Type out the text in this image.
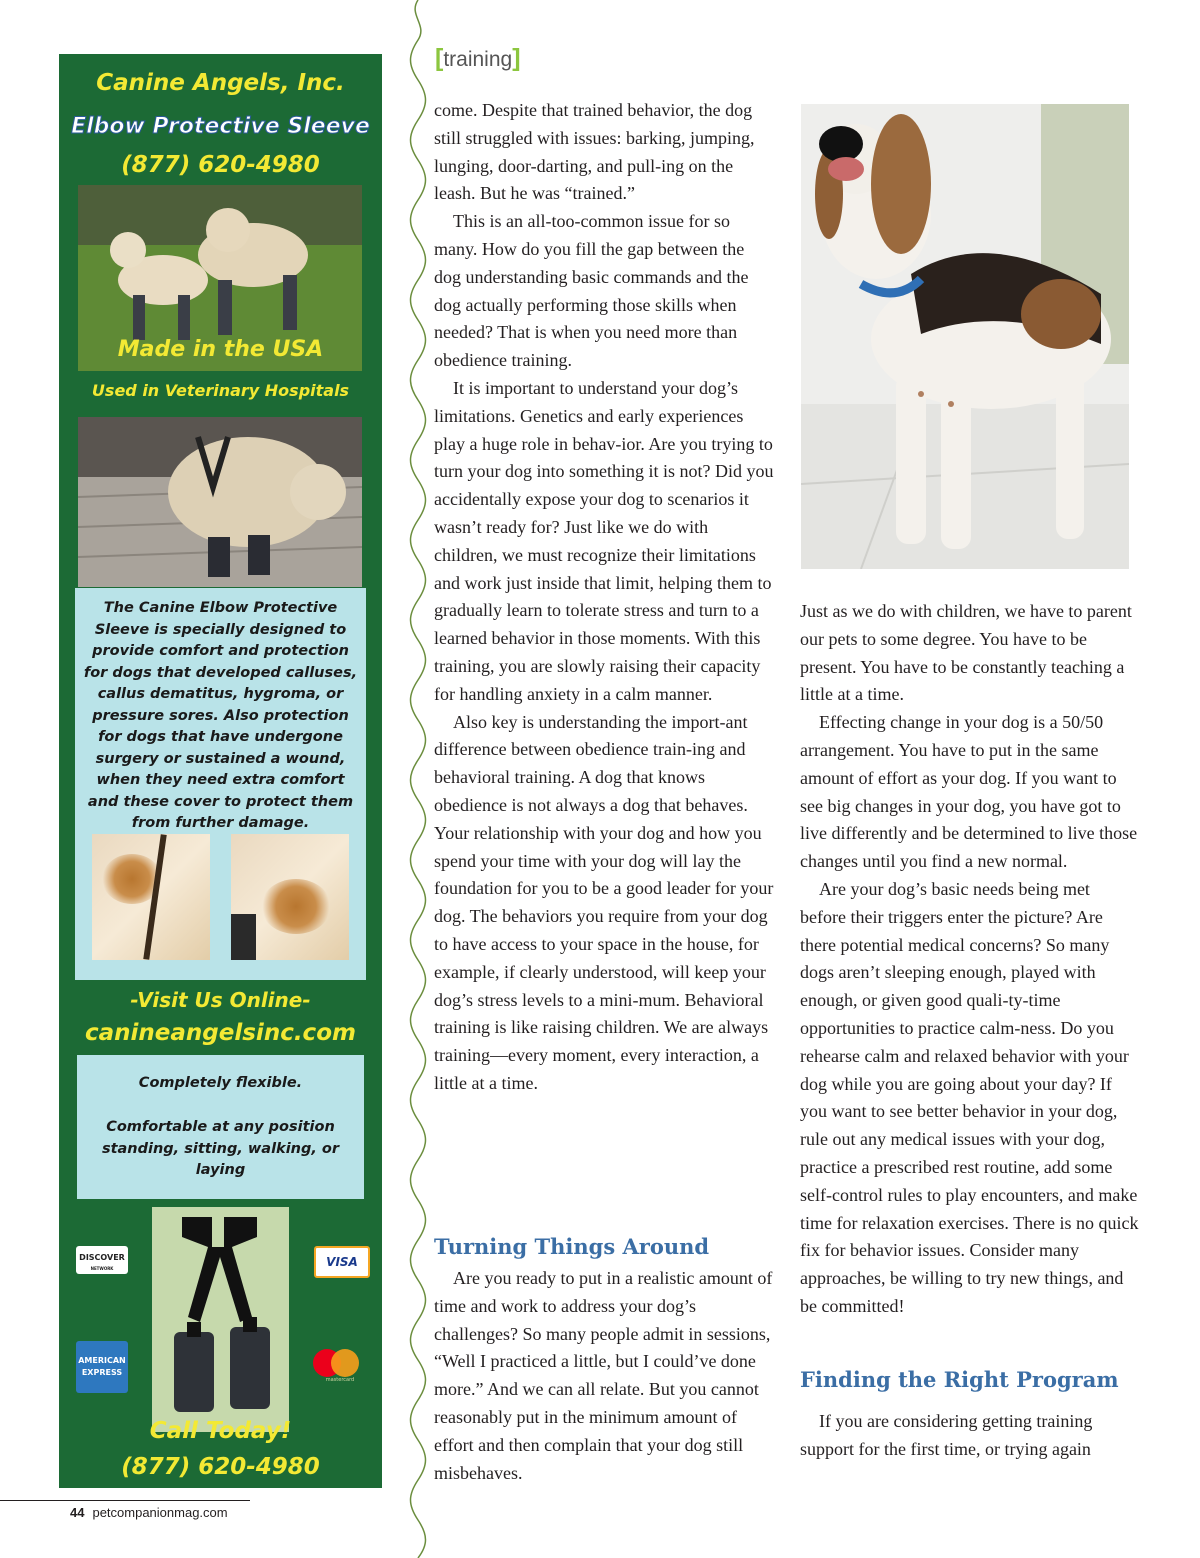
Canine Angels, Inc.
Elbow Protective Sleeve
(877) 620-4980
Made in the USA
Used in Veterinary Hospitals

The Canine Elbow Protective Sleeve is specially designed to provide comfort and protection for dogs that developed calluses, callus dematitus, hygroma, or pressure sores. Also protection for dogs that have undergone surgery or sustained a wound, when they need extra comfort and these cover to protect them from further damage.

-Visit Us Online-
canineangelsinc.com
Completely flexible.
Comfortable at any position standing, sitting, walking, or laying
DISCOVER
NETWORK	VISA
AMERICAN EXPRESS
mastercard
Call Today!
(877) 620-4980
44 petcompanionmag.com
[training]

come. Despite that trained behavior, the dog still struggled with issues: barking, jumping, lunging, door-darting, and pull-ing on the leash. But he was “trained.”

This is an all-too-common issue for so many. How do you fill the gap between the dog understanding basic commands and the dog actually performing those skills when needed? That is when you need more than obedience training.

It is important to understand your dog’s limitations. Genetics and early experiences play a huge role in behav-ior. Are you trying to turn your dog into something it is not? Did you accidentally expose your dog to scenarios it wasn’t ready for? Just like we do with children, we must recognize their limitations and work just inside that limit, helping them to gradually learn to tolerate stress and turn to a learned behavior in those moments. With this training, you are slowly raising their capacity for handling anxiety in a calm manner.

Also key is understanding the import-ant difference between obedience train-ing and behavioral training. A dog that knows obedience is not always a dog that behaves. Your relationship with your dog and how you spend your time with your dog will lay the foundation for you to be a good leader for your dog. The behaviors you require from your dog to have access to your space in the house, for example, if clearly understood, will keep your dog’s stress levels to a mini-mum. Behavioral training is like raising children. We are always training—every moment, every interaction, a little at a time.

Turning Things Around

Are you ready to put in a realistic amount of time and work to address your dog’s challenges? So many people admit in sessions, “Well I practiced a little, but I could’ve done more.” And we can all relate. But you cannot reasonably put in the minimum amount of effort and then complain that your dog still misbehaves.

Just as we do with children, we have to parent our pets to some degree. You have to be present. You have to be constantly teaching a little at a time.

Effecting change in your dog is a 50/50 arrangement. You have to put in the same amount of effort as your dog. If you want to see big changes in your dog, you have got to live differently and be determined to live those changes until you find a new normal.

Are your dog’s basic needs being met before their triggers enter the picture? Are there potential medical concerns? So many dogs aren’t sleeping enough, played with enough, or given good quali-ty-time opportunities to practice calm-ness. Do you rehearse calm and relaxed behavior with your dog while you are going about your day? If you want to see better behavior in your dog, rule out any medical issues with your dog, practice a prescribed rest routine, add some self-control rules to play encounters, and make time for relaxation exercises. There is no quick fix for behavior issues. Consider many approaches, be willing to try new things, and be committed!

Finding the Right Program

If you are considering getting training support for the first time, or trying again
